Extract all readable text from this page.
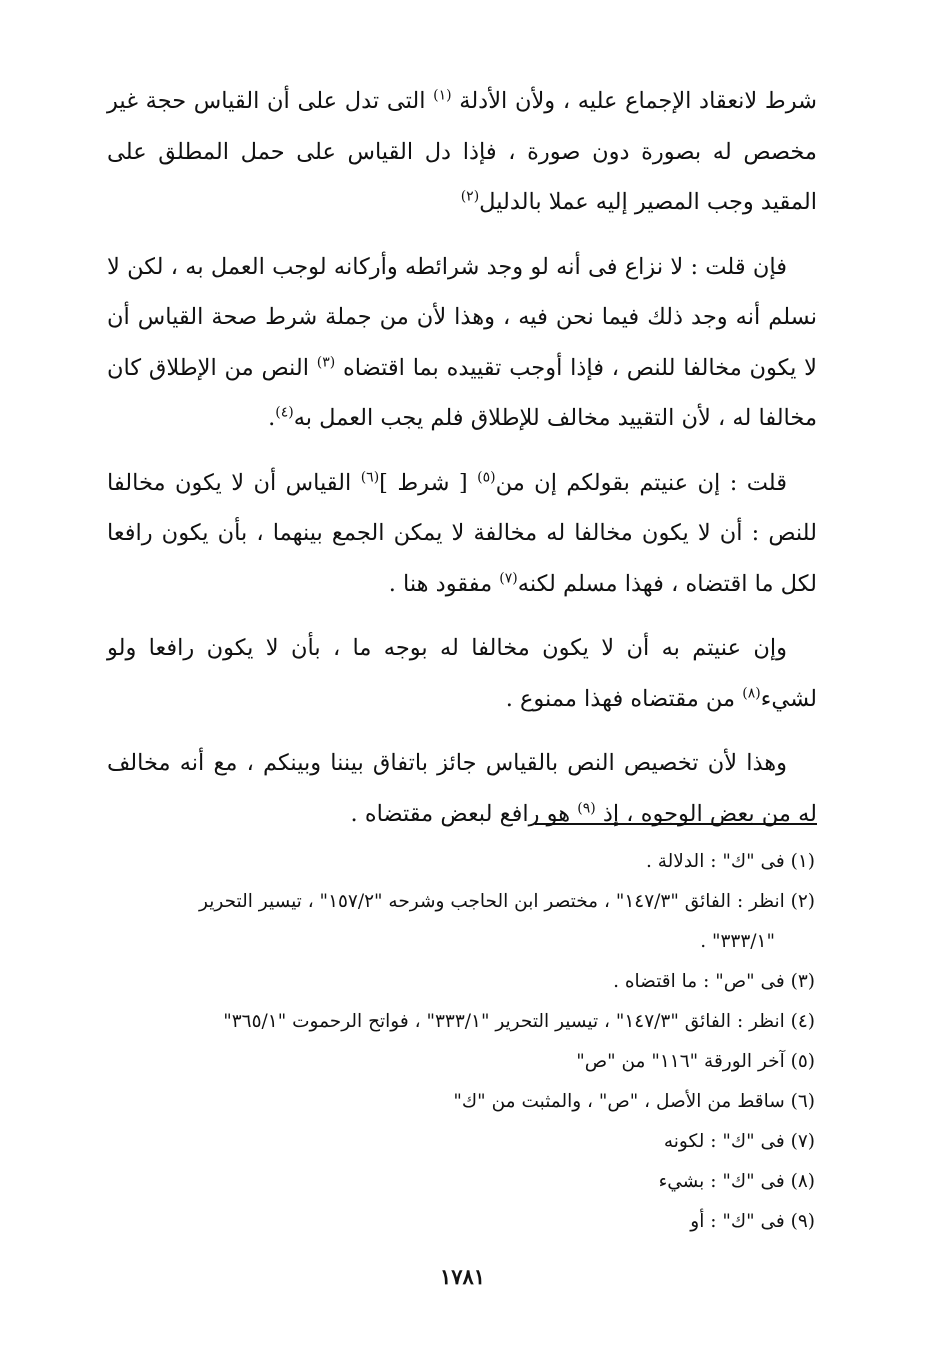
شرط لانعقاد الإجماع عليه ، ولأن الأدلة $^{(١)}$ التى تدل على أن القياس حجة غير مخصص له بصورة دون صورة ، فإذا دل القياس على حمل المطلق على المقيد وجب المصير إليه عملا بالدليل$^{(٢)}$

فإن قلت : لا نزاع فى أنه لو وجد شرائطه وأركانه لوجب العمل به ، لكن لا نسلم أنه وجد ذلك فيما نحن فيه ، وهذا لأن من جملة شرط صحة القياس أن لا يكون مخالفا للنص ، فإذا أوجب تقييده بما اقتضاه $^{(٣)}$ النص من الإطلاق كان مخالفا له ، لأن التقييد مخالف للإطلاق فلم يجب العمل به$^{(٤)}$.

قلت : إن عنيتم بقولكم إن من$^{(٥)}$ [ شرط ]$^{(٦)}$ القياس أن لا يكون مخالفا للنص : أن لا يكون مخالفا له مخالفة لا يمكن الجمع بينهما ، بأن يكون رافعا لكل ما اقتضاه ، فهذا مسلم لكنه$^{(٧)}$ مفقود هنا .

وإن عنيتم به أن لا يكون مخالفا له بوجه ما ، بأن لا يكون رافعا ولو لشيء$^{(٨)}$ من مقتضاه فهذا ممنوع .

وهذا لأن تخصيص النص بالقياس جائز باتفاق بيننا وبينكم ، مع أنه مخالف له من بعض الوجوه ، إذ $^{(٩)}$ هو رافع لبعض مقتضاه .

(١) فى "ك" : الدلالة .
(٢) انظر : الفائق "١٤٧/٣" ، مختصر ابن الحاجب وشرحه "١٥٧/٢" ، تيسير التحرير
"٣٣٣/١" .
(٣) فى "ص" : ما اقتضاه .
(٤) انظر : الفائق "١٤٧/٣" ، تيسير التحرير "٣٣٣/١" ، فواتح الرحموت "٣٦٥/١"
(٥) آخر الورقة "١١٦" من "ص"
(٦) ساقط من الأصل ، "ص" ، والمثبت من "ك"
(٧) فى "ك" : لكونه
(٨) فى "ك" : بشيء
(٩) فى "ك" : أو
١٧٨١
